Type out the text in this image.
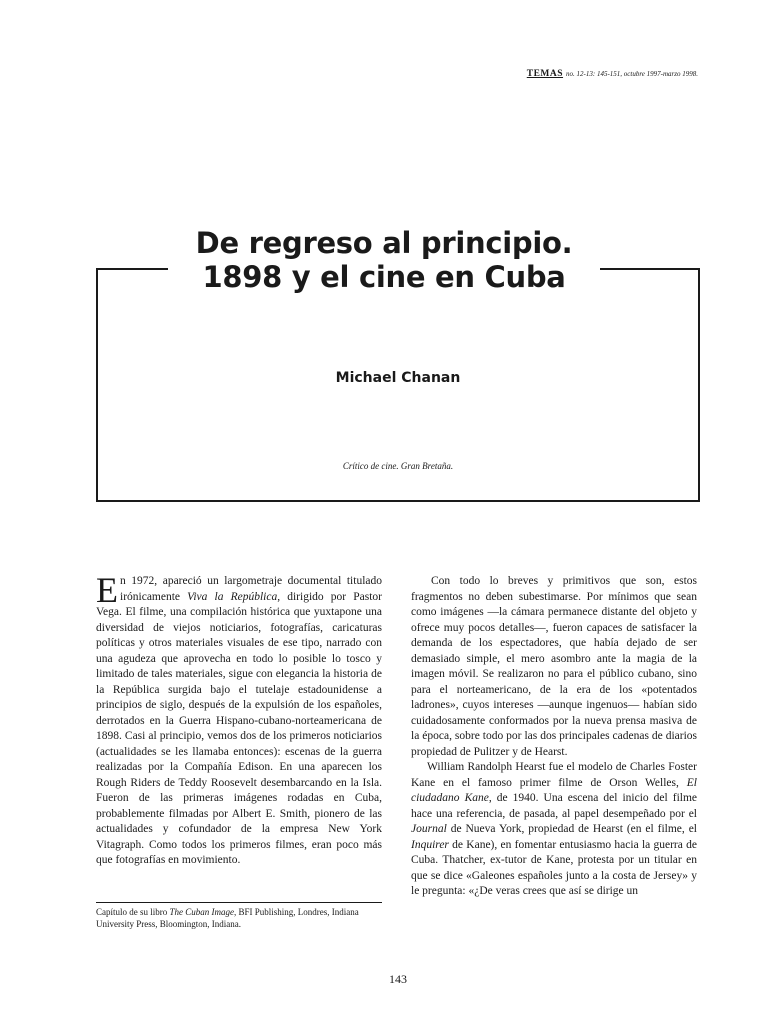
TEMAS no. 12-13: 145-151, octubre 1997-marzo 1998.
De regreso al principio.
1898 y el cine en Cuba
Michael Chanan
Crítico de cine. Gran Bretaña.

En 1972, apareció un largometraje documental titulado irónicamente Viva la República, dirigido por Pastor Vega. El filme, una compilación histórica que yuxtapone una diversidad de viejos noticiarios, fotografías, caricaturas políticas y otros materiales visuales de ese tipo, narrado con una agudeza que aprovecha en todo lo posible lo tosco y limitado de tales materiales, sigue con elegancia la historia de la República surgida bajo el tutelaje estadounidense a principios de siglo, después de la expulsión de los españoles, derrotados en la Guerra Hispano-cubano-norteamericana de 1898. Casi al principio, vemos dos de los primeros noticiarios (actualidades se les llamaba entonces): escenas de la guerra realizadas por la Compañía Edison. En una aparecen los Rough Riders de Teddy Roosevelt desembarcando en la Isla. Fueron de las primeras imágenes rodadas en Cuba, probablemente filmadas por Albert E. Smith, pionero de las actualidades y cofundador de la empresa New York Vitagraph. Como todos los primeros filmes, eran poco más que fotografías en movimiento.

Con todo lo breves y primitivos que son, estos fragmentos no deben subestimarse. Por mínimos que sean como imágenes —la cámara permanece distante del objeto y ofrece muy pocos detalles—, fueron capaces de satisfacer la demanda de los espectadores, que había dejado de ser demasiado simple, el mero asombro ante la magia de la imagen móvil. Se realizaron no para el público cubano, sino para el norteamericano, de la era de los «potentados ladrones», cuyos intereses —aunque ingenuos— habían sido cuidadosamente conformados por la nueva prensa masiva de la época, sobre todo por las dos principales cadenas de diarios propiedad de Pulitzer y de Hearst.

William Randolph Hearst fue el modelo de Charles Foster Kane en el famoso primer filme de Orson Welles, El ciudadano Kane, de 1940. Una escena del inicio del filme hace una referencia, de pasada, al papel desempeñado por el Journal de Nueva York, propiedad de Hearst (en el filme, el Inquirer de Kane), en fomentar entusiasmo hacia la guerra de Cuba. Thatcher, ex-tutor de Kane, protesta por un titular en que se dice «Galeones españoles junto a la costa de Jersey» y le pregunta: «¿De veras crees que así se dirige un

Capítulo de su libro The Cuban Image, BFI Publishing, Londres, Indiana University Press, Bloomington, Indiana.
143
